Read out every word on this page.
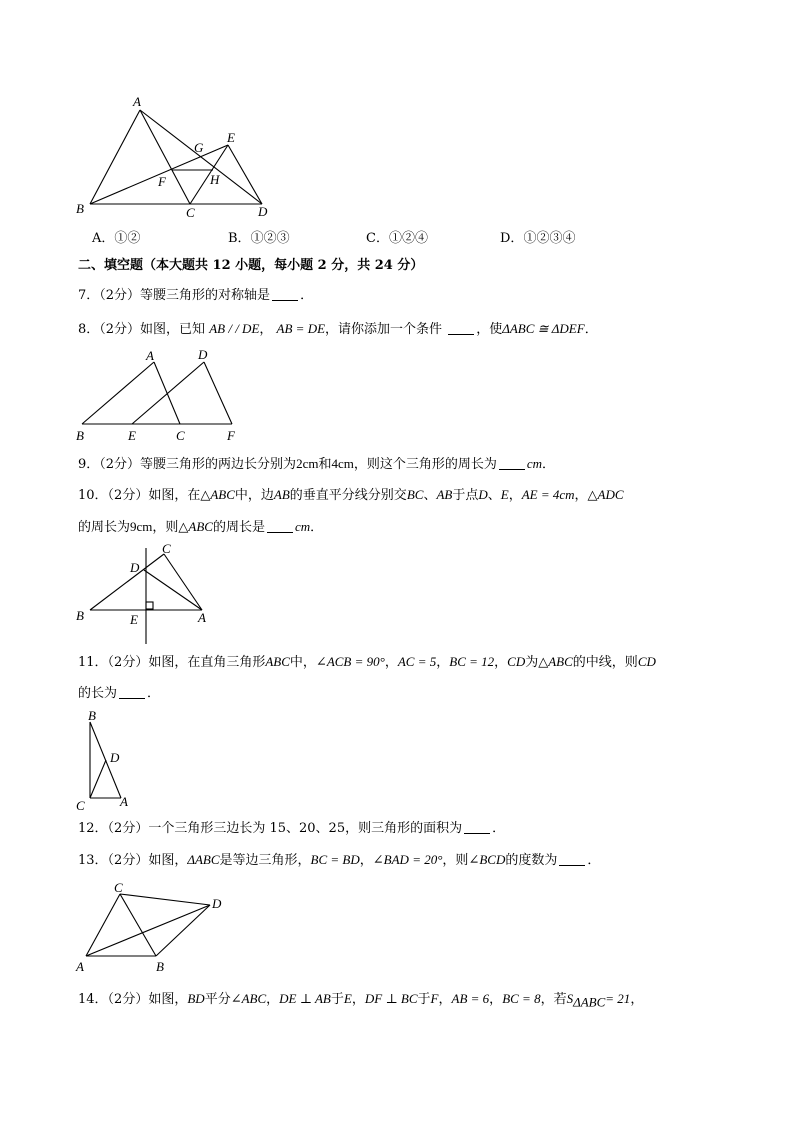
A
B	C	D
E
F
G
H
A．①②	B．①②③	C．①②④	D．①②③④
二、填空题（本大题共 12 小题，每小题 2 分，共 24 分）
7．（2分）等腰三角形的对称轴是 ．
8．（2分）如图，已知 AB / / DE， AB = DE，请你添加一个条件	，使ΔABC ≅ ΔDEF．
A
B	C
D
E	F
9．（2分）等腰三角形的两边长分别为2cm和4cm，则这个三角形的周长为 cm．
10．（2分）如图，在△ABC中，边AB的垂直平分线分别交BC、AB于点D、E，AE = 4cm，△ADC
的周长为9cm，则△ABC的周长是 cm．
A
B
C
D
E
11．（2分）如图，在直角三角形ABC中，∠ACB = 90°，AC = 5，BC = 12，CD为△ABC的中线，则CD
的长为 ．
B
C	A
D
12．（2分）一个三角形三边长为 15、20、25，则三角形的面积为 ．
13．（2分）如图，ΔABC是等边三角形，BC = BD，∠BAD = 20°，则∠BCD的度数为 ．
C
A	B
D
14．（2分）如图，BD平分∠ABC，DE ⊥ AB于E，DF ⊥ BC于F，AB = 6，BC = 8，若$S_{\Delta ABC}= 21$，
